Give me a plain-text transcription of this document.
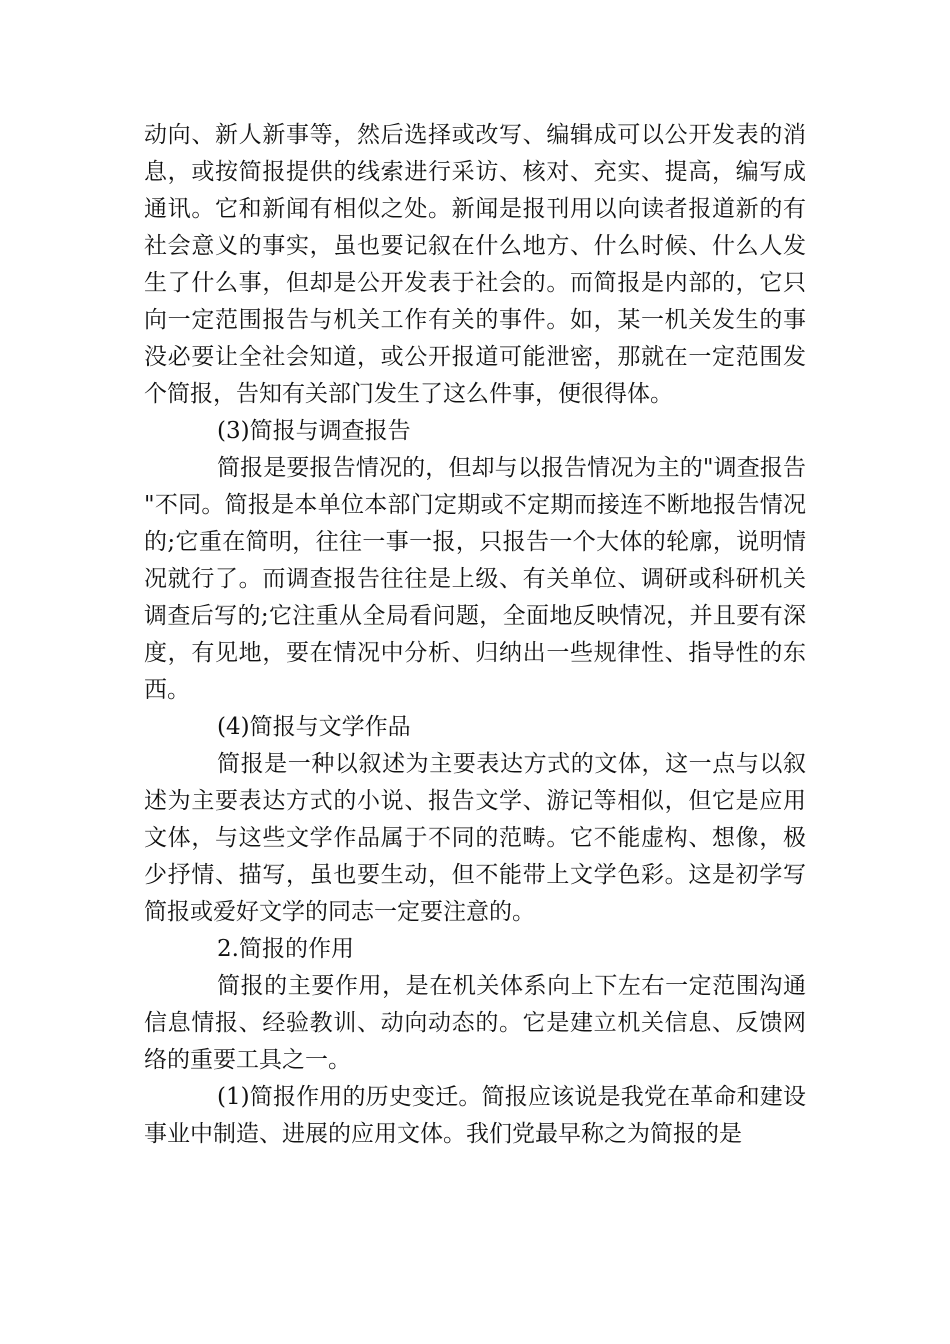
动向、新人新事等，然后选择或改写、编辑成可以公开发表的消息，或按简报提供的线索进行采访、核对、充实、提高，编写成通讯。它和新闻有相似之处。新闻是报刊用以向读者报道新的有社会意义的事实，虽也要记叙在什么地方、什么时候、什么人发生了什么事，但却是公开发表于社会的。而简报是内部的，它只向一定范围报告与机关工作有关的事件。如，某一机关发生的事没必要让全社会知道，或公开报道可能泄密，那就在一定范围发个简报，告知有关部门发生了这么件事，便很得体。

(3)简报与调查报告

简报是要报告情况的，但却与以报告情况为主的"调查报告"不同。简报是本单位本部门定期或不定期而接连不断地报告情况的;它重在简明，往往一事一报，只报告一个大体的轮廓，说明情况就行了。而调查报告往往是上级、有关单位、调研或科研机关调查后写的;它注重从全局看问题，全面地反映情况，并且要有深度，有见地，要在情况中分析、归纳出一些规律性、指导性的东西。

(4)简报与文学作品

简报是一种以叙述为主要表达方式的文体，这一点与以叙述为主要表达方式的小说、报告文学、游记等相似，但它是应用文体，与这些文学作品属于不同的范畴。它不能虚构、想像，极少抒情、描写，虽也要生动，但不能带上文学色彩。这是初学写简报或爱好文学的同志一定要注意的。

2.简报的作用

简报的主要作用，是在机关体系向上下左右一定范围沟通信息情报、经验教训、动向动态的。它是建立机关信息、反馈网络的重要工具之一。

(1)简报作用的历史变迁。简报应该说是我党在革命和建设事业中制造、进展的应用文体。我们党最早称之为简报的是
